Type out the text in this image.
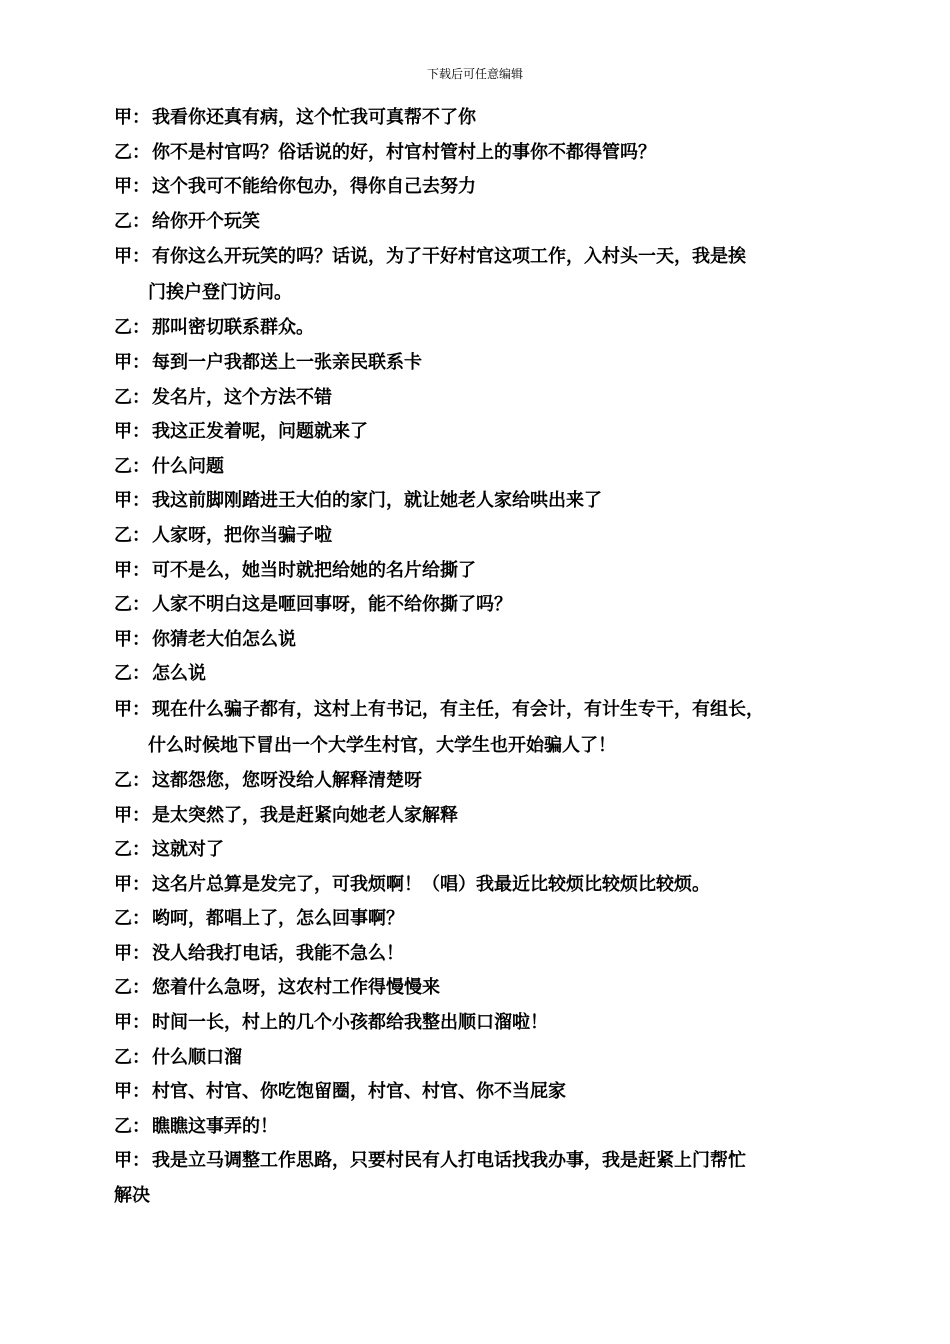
下载后可任意编辑
甲： 我看你还真有病，这个忙我可真帮不了你
乙： 你不是村官吗？俗话说的好，村官村管村上的事你不都得管吗？
甲： 这个我可不能给你包办，得你自己去努力
乙： 给你开个玩笑
甲： 有你这么开玩笑的吗？话说，为了干好村官这项工作，入村头一天，我是挨
门挨户登门访问。
乙： 那叫密切联系群众。
甲： 每到一户我都送上一张亲民联系卡
乙： 发名片，这个方法不错
甲： 我这正发着呢，问题就来了
乙： 什么问题
甲： 我这前脚刚踏进王大伯的家门，就让她老人家给哄出来了
乙： 人家呀，把你当骗子啦
甲： 可不是么，她当时就把给她的名片给撕了
乙： 人家不明白这是咂回事呀，能不给你撕了吗？
甲： 你猜老大伯怎么说
乙： 怎么说
甲： 现在什么骗子都有，这村上有书记，有主任，有会计，有计生专干，有组长，
什么时候地下冒出一个大学生村官，大学生也开始骗人了！
乙： 这都怨您，您呀没给人解释清楚呀
甲： 是太突然了，我是赶紧向她老人家解释
乙： 这就对了
甲： 这名片总算是发完了，可我烦啊！（唱）我最近比较烦比较烦比较烦。
乙： 哟呵，都唱上了，怎么回事啊？
甲： 没人给我打电话，我能不急么！
乙： 您着什么急呀，这农村工作得慢慢来
甲： 时间一长，村上的几个小孩都给我整出顺口溜啦！
乙： 什么顺口溜
甲： 村官、村官、你吃饱留圈，村官、村官、你不当屁家
乙： 瞧瞧这事弄的！
甲： 我是立马调整工作思路，只要村民有人打电话找我办事，我是赶紧上门帮忙
解决
